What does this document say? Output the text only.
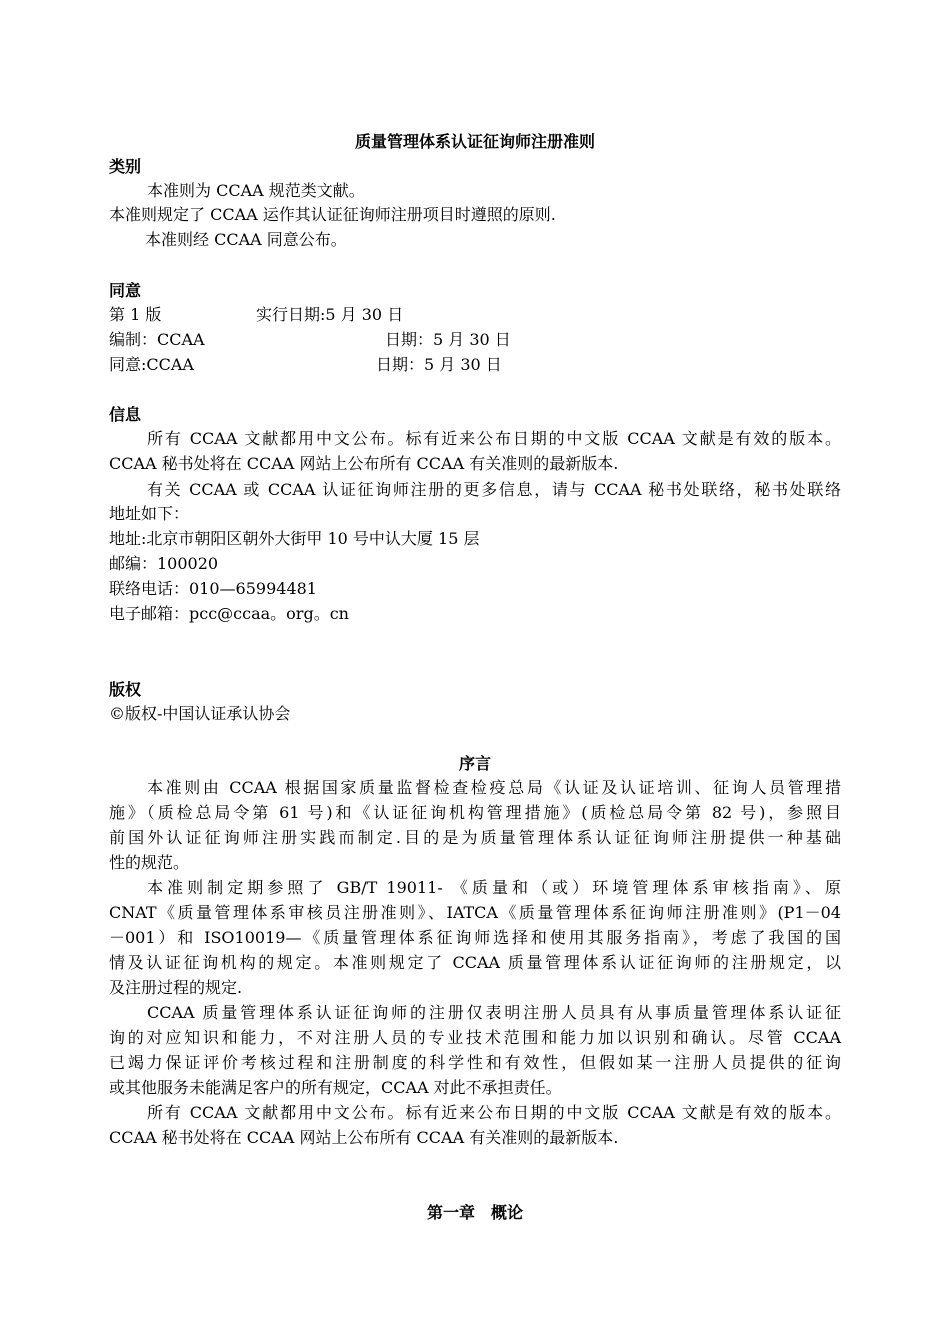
质量管理体系认证征询师注册准则
类别
本准则为 CCAA 规范类文献。
本准则规定了 CCAA 运作其认证征询师注册项目时遵照的原则.
本准则经 CCAA 同意公布。
同意
第 1 版	实行日期:5 月 30 日
编制：CCAA	日期：5 月 30 日
同意:CCAA	日期：5 月 30 日
信息
所有 CCAA 文献都用中文公布。标有近来公布日期的中文版 CCAA 文献是有效的版本。
CCAA 秘书处将在 CCAA 网站上公布所有 CCAA 有关准则的最新版本.
有关 CCAA 或 CCAA 认证征询师注册的更多信息，请与 CCAA 秘书处联络，秘书处联络
地址如下：
地址:北京市朝阳区朝外大街甲 10 号中认大厦 15 层
邮编：100020
联络电话：010—65994481
电子邮箱：pcc@ccaa。org。cn
版权
©版权-中国认证承认协会
序言
本准则由 CCAA 根据国家质量监督检查检疫总局《认证及认证培训、征询人员管理措
施》（质检总局令第 61 号)和《认证征询机构管理措施》(质检总局令第 82 号)，参照目
前国外认证征询师注册实践而制定.目的是为质量管理体系认证征询师注册提供一种基础
性的规范。
本准则制定期参照了 GB/T 19011- 《质量和（或）环境管理体系审核指南》、原
CNAT《质量管理体系审核员注册准则》、IATCA《质量管理体系征询师注册准则》(P1－04
－001）和 ISO10019—《质量管理体系征询师选择和使用其服务指南》，考虑了我国的国
情及认证征询机构的规定。本准则规定了 CCAA 质量管理体系认证征询师的注册规定，以
及注册过程的规定.
CCAA 质量管理体系认证征询师的注册仅表明注册人员具有从事质量管理体系认证征
询的对应知识和能力，不对注册人员的专业技术范围和能力加以识别和确认。尽管 CCAA
已竭力保证评价考核过程和注册制度的科学性和有效性，但假如某一注册人员提供的征询
或其他服务未能满足客户的所有规定，CCAA 对此不承担责任。
所有 CCAA 文献都用中文公布。标有近来公布日期的中文版 CCAA 文献是有效的版本。
CCAA 秘书处将在 CCAA 网站上公布所有 CCAA 有关准则的最新版本.
第一章　概论
